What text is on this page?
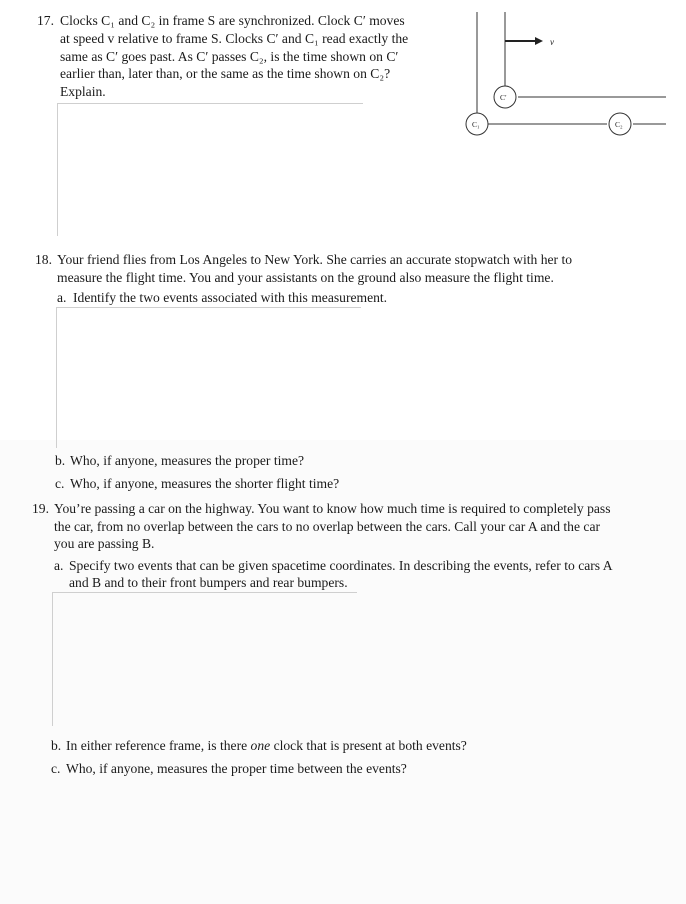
17. Clocks C₁ and C₂ in frame S are synchronized. Clock C′ moves
at speed v relative to frame S. Clocks C′ and C₁ read exactly the
same as C′ goes past. As C′ passes C₂, is the time shown on C′
earlier than, later than, or the same as the time shown on C₂?
Explain.
v
C′
C₁	C₂
18. Your friend flies from Los Angeles to New York. She carries an accurate stopwatch with her to
measure the flight time. You and your assistants on the ground also measure the flight time.
a. Identify the two events associated with this measurement.
b. Who, if anyone, measures the proper time?
c. Who, if anyone, measures the shorter flight time?
19. You’re passing a car on the highway. You want to know how much time is required to completely pass
the car, from no overlap between the cars to no overlap between the cars. Call your car A and the car
you are passing B.
a. Specify two events that can be given spacetime coordinates. In describing the events, refer to cars A
and B and to their front bumpers and rear bumpers.
b. In either reference frame, is there one clock that is present at both events?
c. Who, if anyone, measures the proper time between the events?
